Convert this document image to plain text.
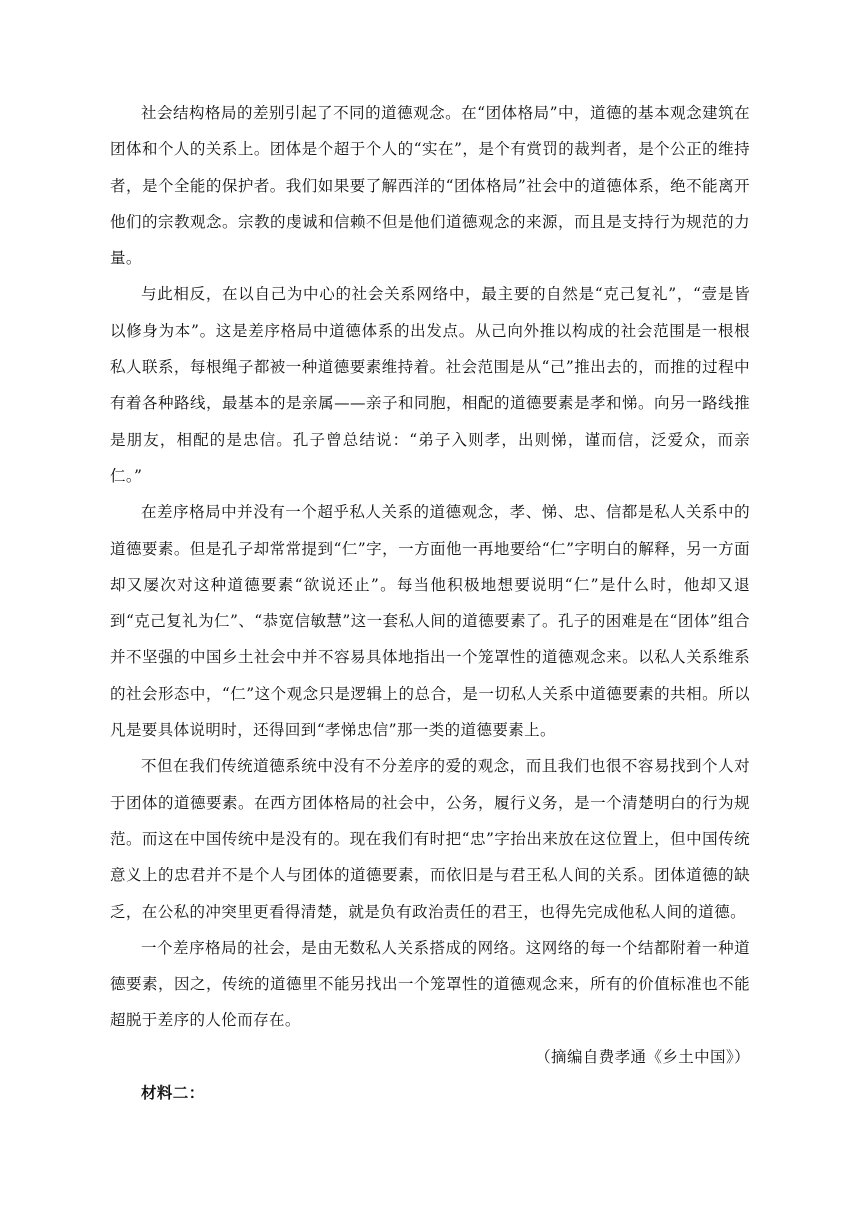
社会结构格局的差别引起了不同的道德观念。在“团体格局”中，道德的基本观念建筑在团体和个人的关系上。团体是个超于个人的“实在”，是个有赏罚的裁判者，是个公正的维持者，是个全能的保护者。我们如果要了解西洋的“团体格局”社会中的道德体系，绝不能离开他们的宗教观念。宗教的虔诚和信赖不但是他们道德观念的来源，而且是支持行为规范的力量。

与此相反，在以自己为中心的社会关系网络中，最主要的自然是“克己复礼”，“壹是皆以修身为本”。这是差序格局中道德体系的出发点。从己向外推以构成的社会范围是一根根私人联系，每根绳子都被一种道德要素维持着。社会范围是从“己”推出去的，而推的过程中有着各种路线，最基本的是亲属——亲子和同胞，相配的道德要素是孝和悌。向另一路线推是朋友，相配的是忠信。孔子曾总结说：“弟子入则孝，出则悌，谨而信，泛爱众，而亲仁。”

在差序格局中并没有一个超乎私人关系的道德观念，孝、悌、忠、信都是私人关系中的道德要素。但是孔子却常常提到“仁”字，一方面他一再地要给“仁”字明白的解释，另一方面却又屡次对这种道德要素“欲说还止”。每当他积极地想要说明“仁”是什么时，他却又退到“克己复礼为仁”、“恭宽信敏慧”这一套私人间的道德要素了。孔子的困难是在“团体”组合并不坚强的中国乡土社会中并不容易具体地指出一个笼罩性的道德观念来。以私人关系维系的社会形态中，“仁”这个观念只是逻辑上的总合，是一切私人关系中道德要素的共相。所以凡是要具体说明时，还得回到“孝悌忠信”那一类的道德要素上。

不但在我们传统道德系统中没有不分差序的爱的观念，而且我们也很不容易找到个人对于团体的道德要素。在西方团体格局的社会中，公务，履行义务，是一个清楚明白的行为规范。而这在中国传统中是没有的。现在我们有时把“忠”字抬出来放在这位置上，但中国传统意义上的忠君并不是个人与团体的道德要素，而依旧是与君王私人间的关系。团体道德的缺乏，在公私的冲突里更看得清楚，就是负有政治责任的君王，也得先完成他私人间的道德。

一个差序格局的社会，是由无数私人关系搭成的网络。这网络的每一个结都附着一种道德要素，因之，传统的道德里不能另找出一个笼罩性的道德观念来，所有的价值标准也不能超脱于差序的人伦而存在。

（摘编自费孝通《乡土中国》）

材料二：
